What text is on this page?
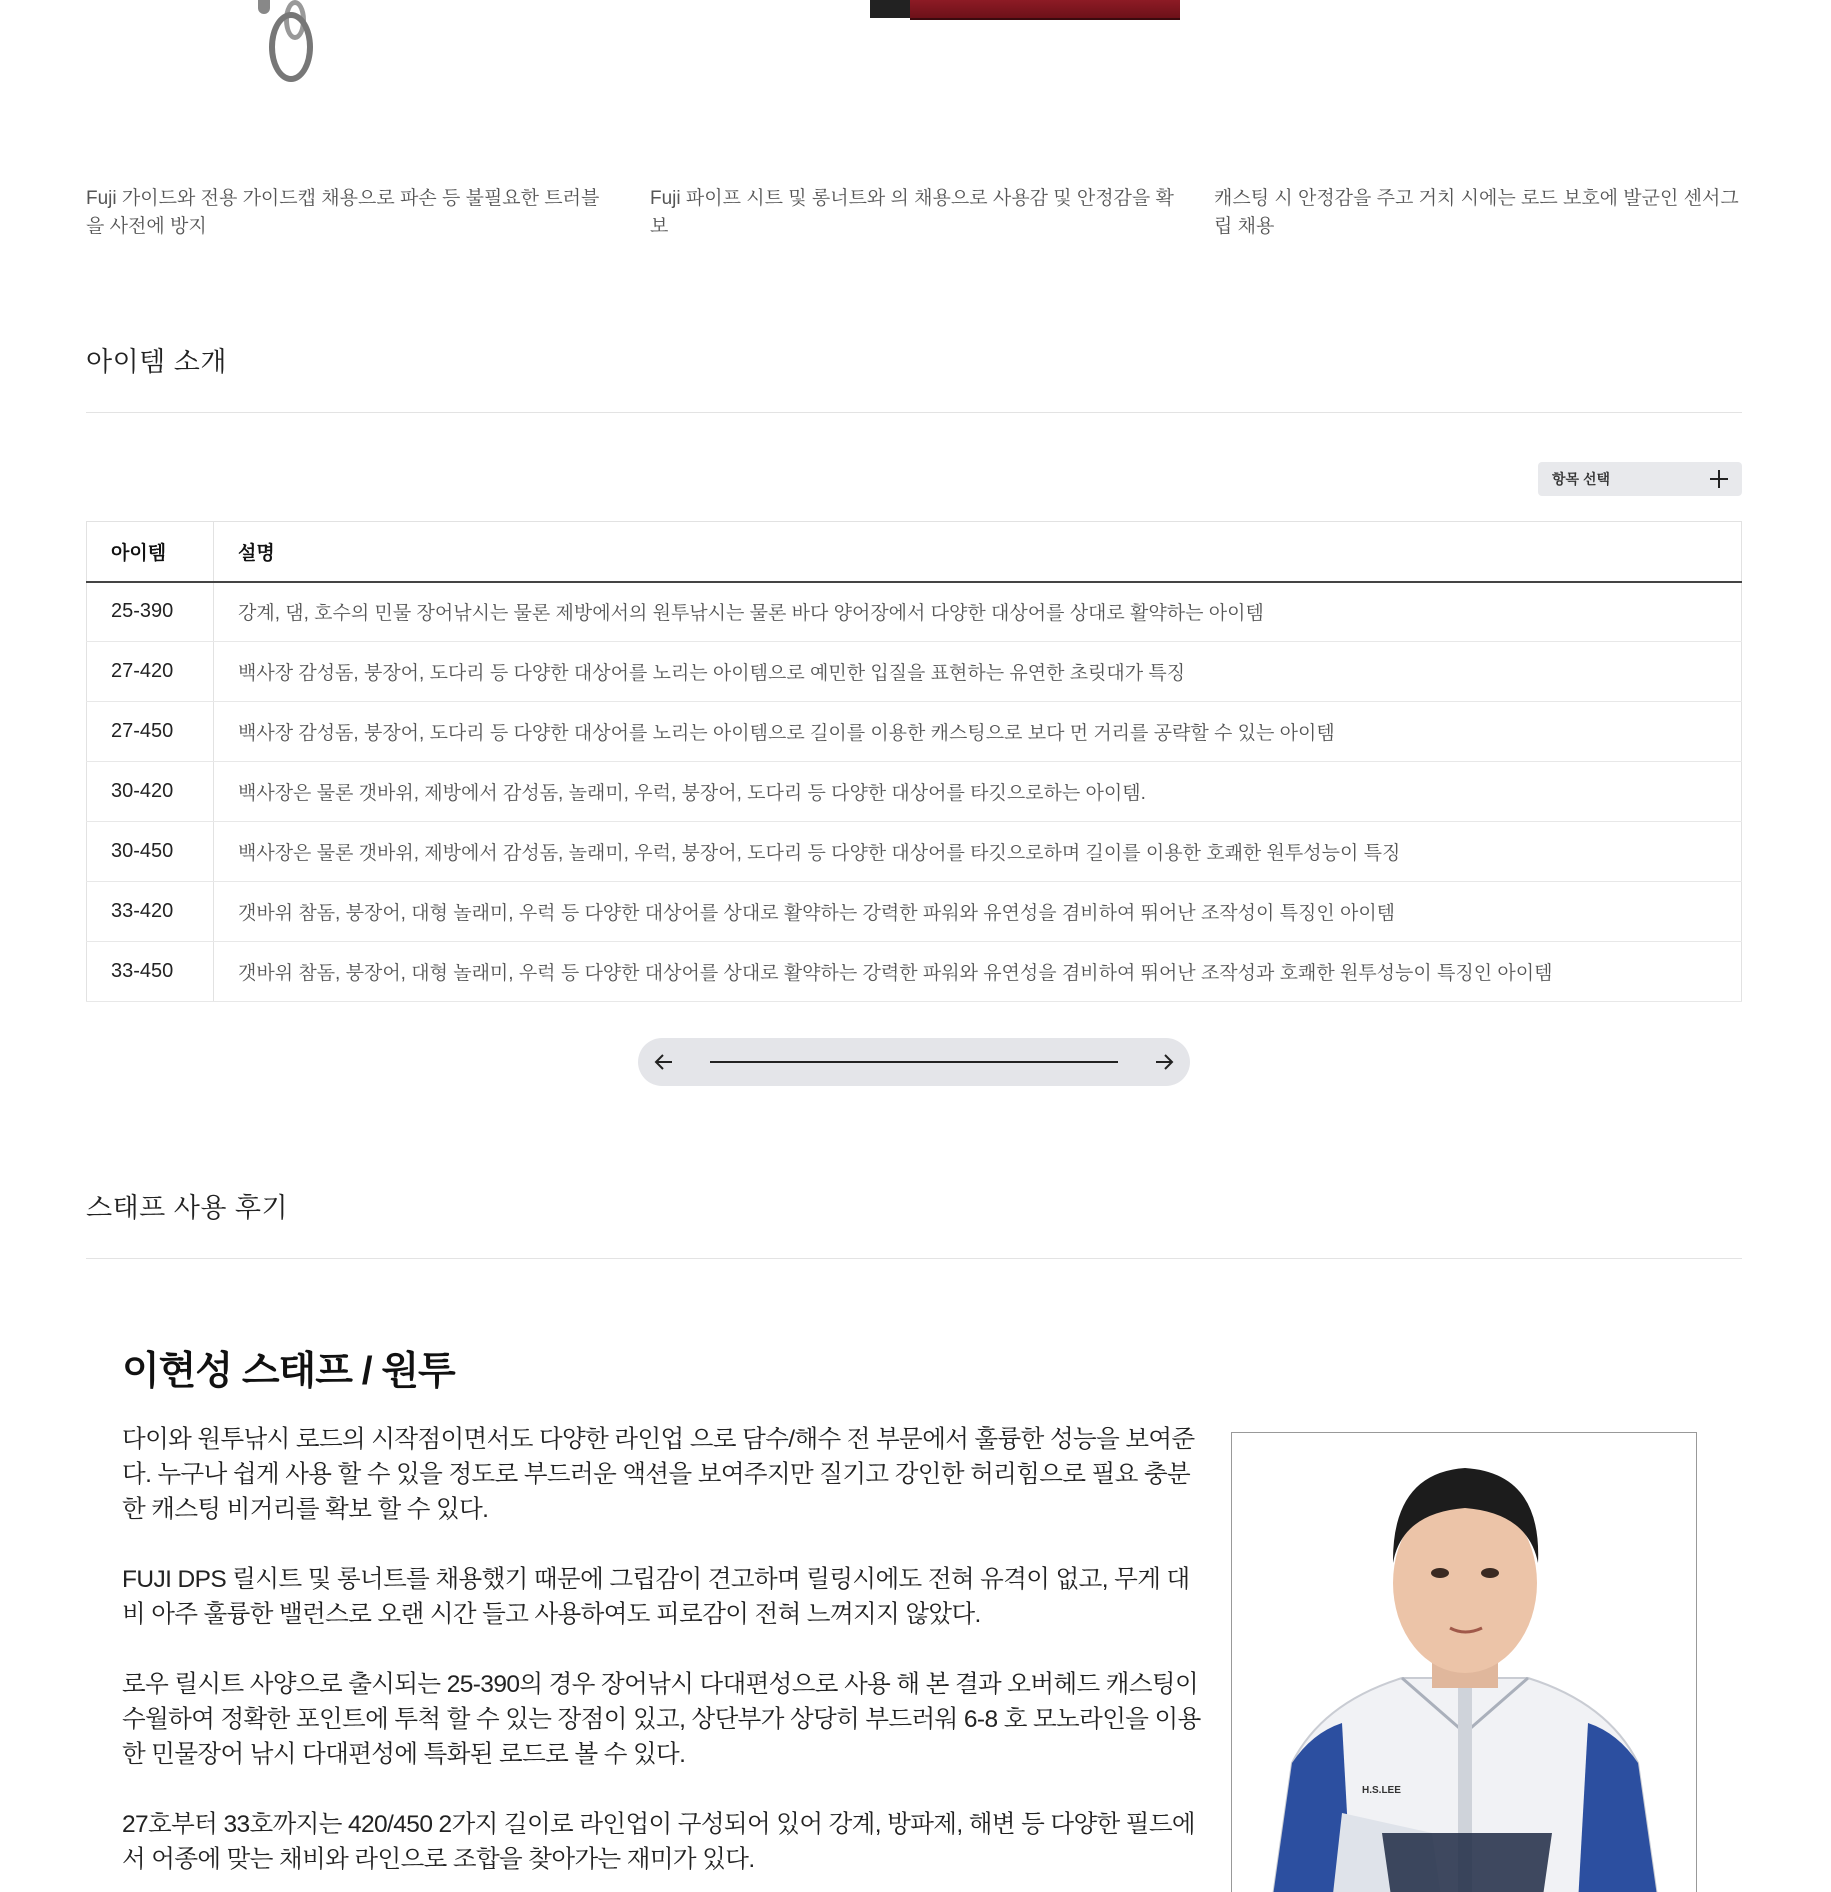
Fuji 가이드와 전용 가이드캡 채용으로 파손 등 불필요한 트러블을 사전에 방지
Fuji 파이프 시트 및 롱너트와 의 채용으로 사용감 및 안정감을 확보
캐스팅 시 안정감을 주고 거치 시에는 로드 보호에 발군인 센서그립 채용
아이템 소개
항목 선택
아이템	설명
25-390	강계, 댐, 호수의 민물 장어낚시는 물론 제방에서의 원투낚시는 물론 바다 양어장에서 다양한 대상어를 상대로 활약하는 아이템
27-420	백사장 감성돔, 붕장어, 도다리 등 다양한 대상어를 노리는 아이템으로 예민한 입질을 표현하는 유연한 초릿대가 특징
27-450	백사장 감성돔, 붕장어, 도다리 등 다양한 대상어를 노리는 아이템으로 길이를 이용한 캐스팅으로 보다 먼 거리를 공략할 수 있는 아이템
30-420	백사장은 물론 갯바위, 제방에서 감성돔, 놀래미, 우럭, 붕장어, 도다리 등 다양한 대상어를 타깃으로하는 아이템.
30-450	백사장은 물론 갯바위, 제방에서 감성돔, 놀래미, 우럭, 붕장어, 도다리 등 다양한 대상어를 타깃으로하며 길이를 이용한 호쾌한 원투성능이 특징
33-420	갯바위 참돔, 붕장어, 대형 놀래미, 우럭 등 다양한 대상어를 상대로 활약하는 강력한 파워와 유연성을 겸비하여 뛰어난 조작성이 특징인 아이템
33-450	갯바위 참돔, 붕장어, 대형 놀래미, 우럭 등 다양한 대상어를 상대로 활약하는 강력한 파워와 유연성을 겸비하여 뛰어난 조작성과 호쾌한 원투성능이 특징인 아이템
스태프 사용 후기
이현성 스태프 / 원투

다이와 원투낚시 로드의 시작점이면서도 다양한 라인업 으로 담수/해수 전 부문에서 훌륭한 성능을 보여준다. 누구나 쉽게 사용 할 수 있을 정도로 부드러운 액션을 보여주지만 질기고 강인한 허리힘으로 필요 충분한 캐스팅 비거리를 확보 할 수 있다.

FUJI DPS 릴시트 및 롱너트를 채용했기 때문에 그립감이 견고하며 릴링시에도 전혀 유격이 없고, 무게 대비 아주 훌륭한 밸런스로 오랜 시간 들고 사용하여도 피로감이 전혀 느껴지지 않았다.

로우 릴시트 사양으로 출시되는 25-390의 경우 장어낚시 다대편성으로 사용 해 본 결과 오버헤드 캐스팅이 수월하여 정확한 포인트에 투척 할 수 있는 장점이 있고, 상단부가 상당히 부드러워 6-8 호 모노라인을 이용한 민물장어 낚시 다대편성에 특화된 로드로 볼 수 있다.

27호부터 33호까지는 420/450 2가지 길이로 라인업이 구성되어 있어 강계, 방파제, 해변 등 다양한 필드에서 어종에 맞는 채비와 라인으로 조합을 찾아가는 재미가 있다.

H.S.LEE
